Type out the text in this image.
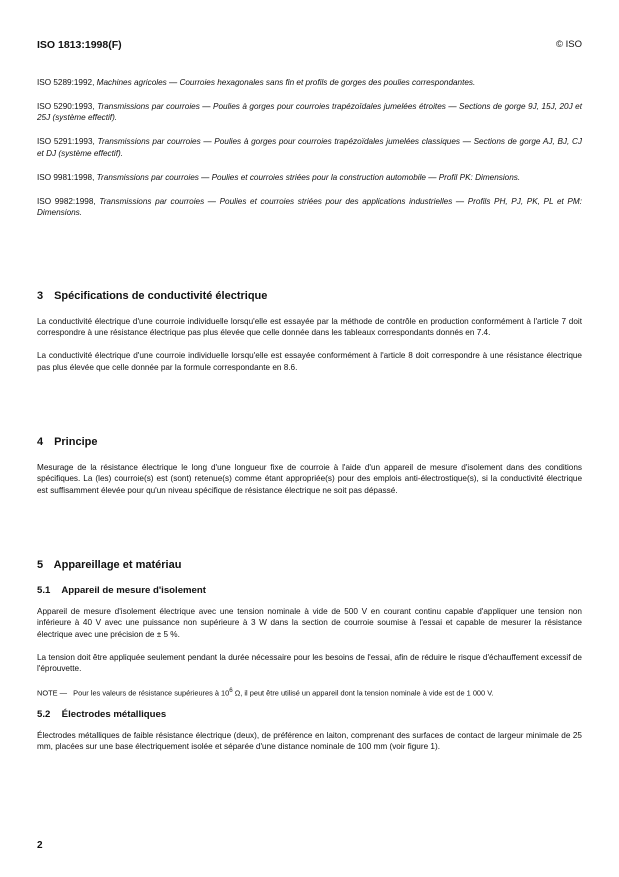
ISO 1813:1998(F)	© ISO

ISO 5289:1992, Machines agricoles — Courroies hexagonales sans fin et profils de gorges des poulies correspondantes.

ISO 5290:1993, Transmissions par courroies — Poulies à gorges pour courroies trapézoïdales jumelées étroites — Sections de gorge 9J, 15J, 20J et 25J (système effectif).

ISO 5291:1993, Transmissions par courroies — Poulies à gorges pour courroies trapézoïdales jumelées classiques — Sections de gorge AJ, BJ, CJ et DJ (système effectif).

ISO 9981:1998, Transmissions par courroies — Poulies et courroies striées pour la construction automobile — Profil PK: Dimensions.

ISO 9982:1998, Transmissions par courroies — Poulies et courroies striées pour des applications industrielles — Profils PH, PJ, PK, PL et PM: Dimensions.

3 Spécifications de conductivité électrique

La conductivité électrique d'une courroie individuelle lorsqu'elle est essayée par la méthode de contrôle en production conformément à l'article 7 doit correspondre à une résistance électrique pas plus élevée que celle donnée dans les tableaux correspondants donnés en 7.4.

La conductivité électrique d'une courroie individuelle lorsqu'elle est essayée conformément à l'article 8 doit correspondre à une résistance électrique pas plus élevée que celle donnée par la formule correspondante en 8.6.

4 Principe

Mesurage de la résistance électrique le long d'une longueur fixe de courroie à l'aide d'un appareil de mesure d'isolement dans des conditions spécifiques. La (les) courroie(s) est (sont) retenue(s) comme étant appropriée(s) pour des emplois anti-électrostique(s), si la conductivité électrique est suffisamment élevée pour qu'un niveau spécifique de résistance électrique ne soit pas dépassé.

5 Appareillage et matériau
5.1 Appareil de mesure d'isolement

Appareil de mesure d'isolement électrique avec une tension nominale à vide de 500 V en courant continu capable d'appliquer une tension non inférieure à 40 V avec une puissance non supérieure à 3 W dans la section de courroie soumise à l'essai et capable de mesurer la résistance électrique avec une précision de ± 5 %.

La tension doit être appliquée seulement pendant la durée nécessaire pour les besoins de l'essai, afin de réduire le risque d'échauffement excessif de l'éprouvette.

NOTE — Pour les valeurs de résistance supérieures à $10^6$ Ω, il peut être utilisé un appareil dont la tension nominale à vide est de 1 000 V.

5.2 Électrodes métalliques

Électrodes métalliques de faible résistance électrique (deux), de préférence en laiton, comprenant des surfaces de contact de largeur minimale de 25 mm, placées sur une base électriquement isolée et séparée d'une distance nominale de 100 mm (voir figure 1).

2
